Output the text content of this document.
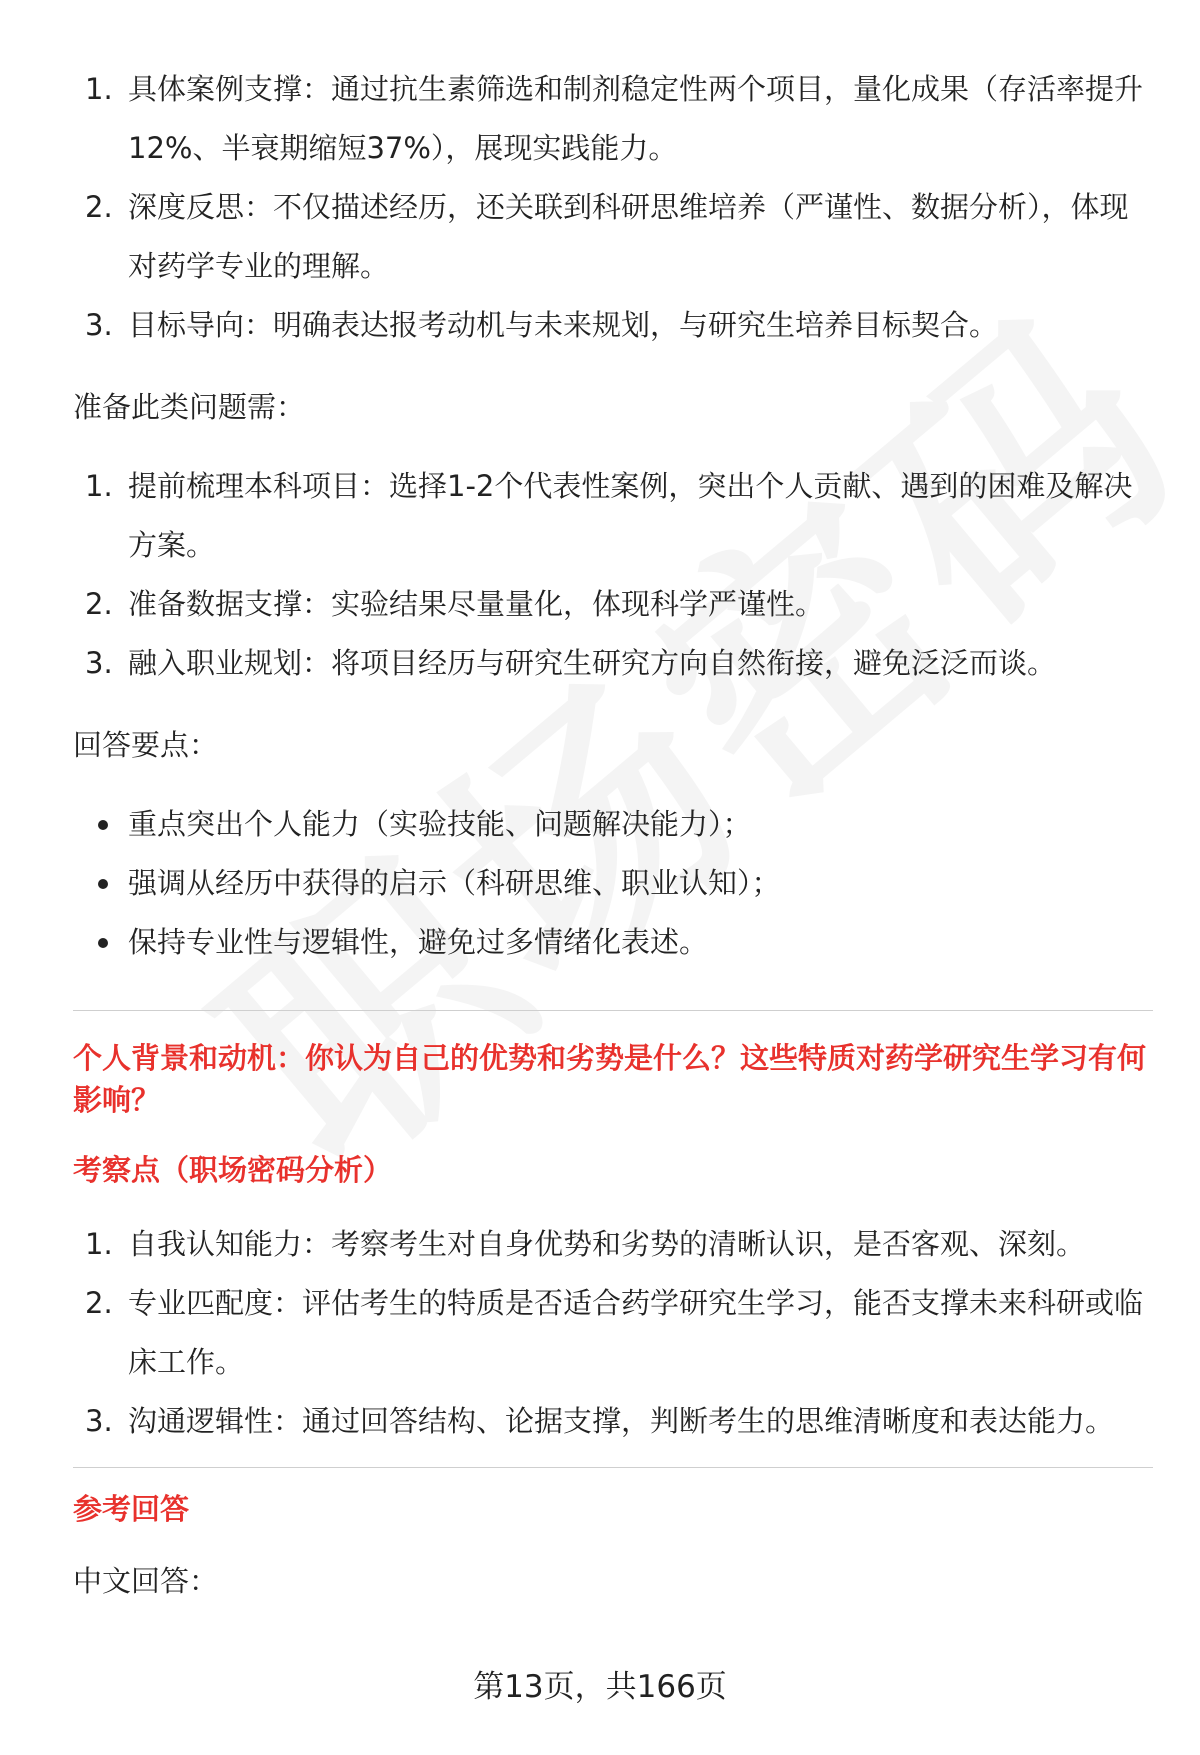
1. 具体案例支撑：通过抗生素筛选和制剂稳定性两个项目，量化成果（存活率提升12%、半衰期缩短37%），展现实践能力。
2. 深度反思：不仅描述经历，还关联到科研思维培养（严谨性、数据分析），体现对药学专业的理解。
3. 目标导向：明确表达报考动机与未来规划，与研究生培养目标契合。
准备此类问题需：
1. 提前梳理本科项目：选择1-2个代表性案例，突出个人贡献、遇到的困难及解决方案。
2. 准备数据支撑：实验结果尽量量化，体现科学严谨性。
3. 融入职业规划：将项目经历与研究生研究方向自然衔接，避免泛泛而谈。
回答要点：
重点突出个人能力（实验技能、问题解决能力）；
强调从经历中获得的启示（科研思维、职业认知）；
保持专业性与逻辑性，避免过多情绪化表述。
个人背景和动机：你认为自己的优势和劣势是什么？这些特质对药学研究生学习有何影响？
考察点（职场密码分析）
1. 自我认知能力：考察考生对自身优势和劣势的清晰认识，是否客观、深刻。
2. 专业匹配度：评估考生的特质是否适合药学研究生学习，能否支撑未来科研或临床工作。
3. 沟通逻辑性：通过回答结构、论据支撑，判断考生的思维清晰度和表达能力。
参考回答
中文回答：
第13页，共166页
